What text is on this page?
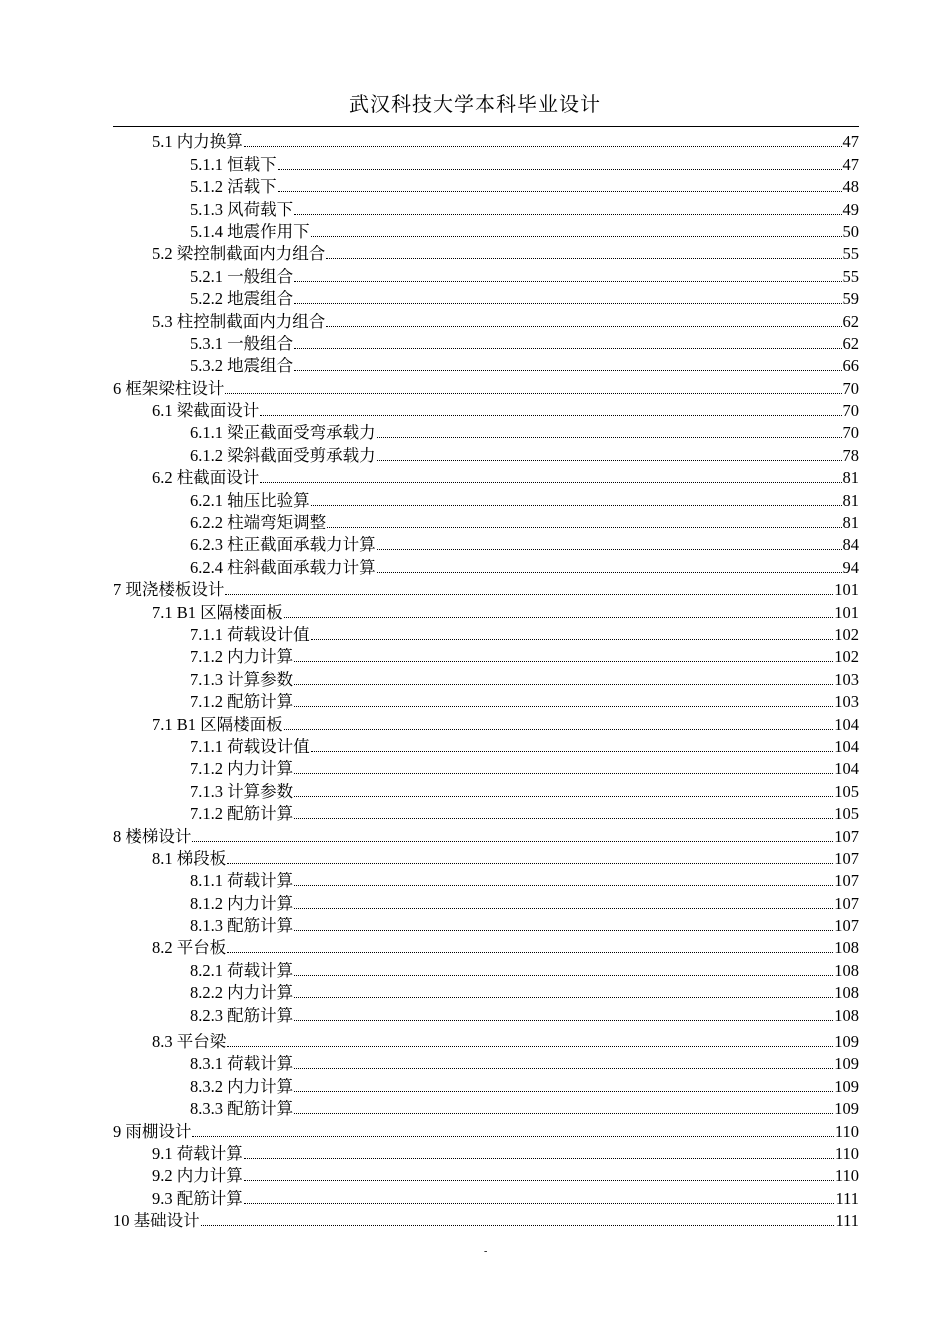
武汉科技大学本科毕业设计
5.1 内力换算	47
5.1.1 恒载下	47
5.1.2 活载下	48
5.1.3 风荷载下	49
5.1.4 地震作用下	50
5.2 梁控制截面内力组合	55
5.2.1 一般组合	55
5.2.2 地震组合	59
5.3 柱控制截面内力组合	62
5.3.1 一般组合	62
5.3.2 地震组合	66
6 框架梁柱设计	70
6.1 梁截面设计	70
6.1.1 梁正截面受弯承载力	70
6.1.2 梁斜截面受剪承载力	78
6.2 柱截面设计	81
6.2.1 轴压比验算	81
6.2.2 柱端弯矩调整	81
6.2.3 柱正截面承载力计算	84
6.2.4 柱斜截面承载力计算	94
7 现浇楼板设计	101
7.1 B1 区隔楼面板	101
7.1.1 荷载设计值	102
7.1.2 内力计算	102
7.1.3 计算参数	103
7.1.2 配筋计算	103
7.1 B1 区隔楼面板	104
7.1.1 荷载设计值	104
7.1.2 内力计算	104
7.1.3 计算参数	105
7.1.2 配筋计算	105
8 楼梯设计	107
8.1 梯段板	107
8.1.1 荷载计算	107
8.1.2 内力计算	107
8.1.3 配筋计算	107
8.2 平台板	108
8.2.1 荷载计算	108
8.2.2 内力计算	108
8.2.3 配筋计算	108
8.3 平台梁	109
8.3.1 荷载计算	109
8.3.2 内力计算	109
8.3.3 配筋计算	109
9 雨棚设计	110
9.1 荷载计算	110
9.2 内力计算	110
9.3 配筋计算	111
10 基础设计	111
-
